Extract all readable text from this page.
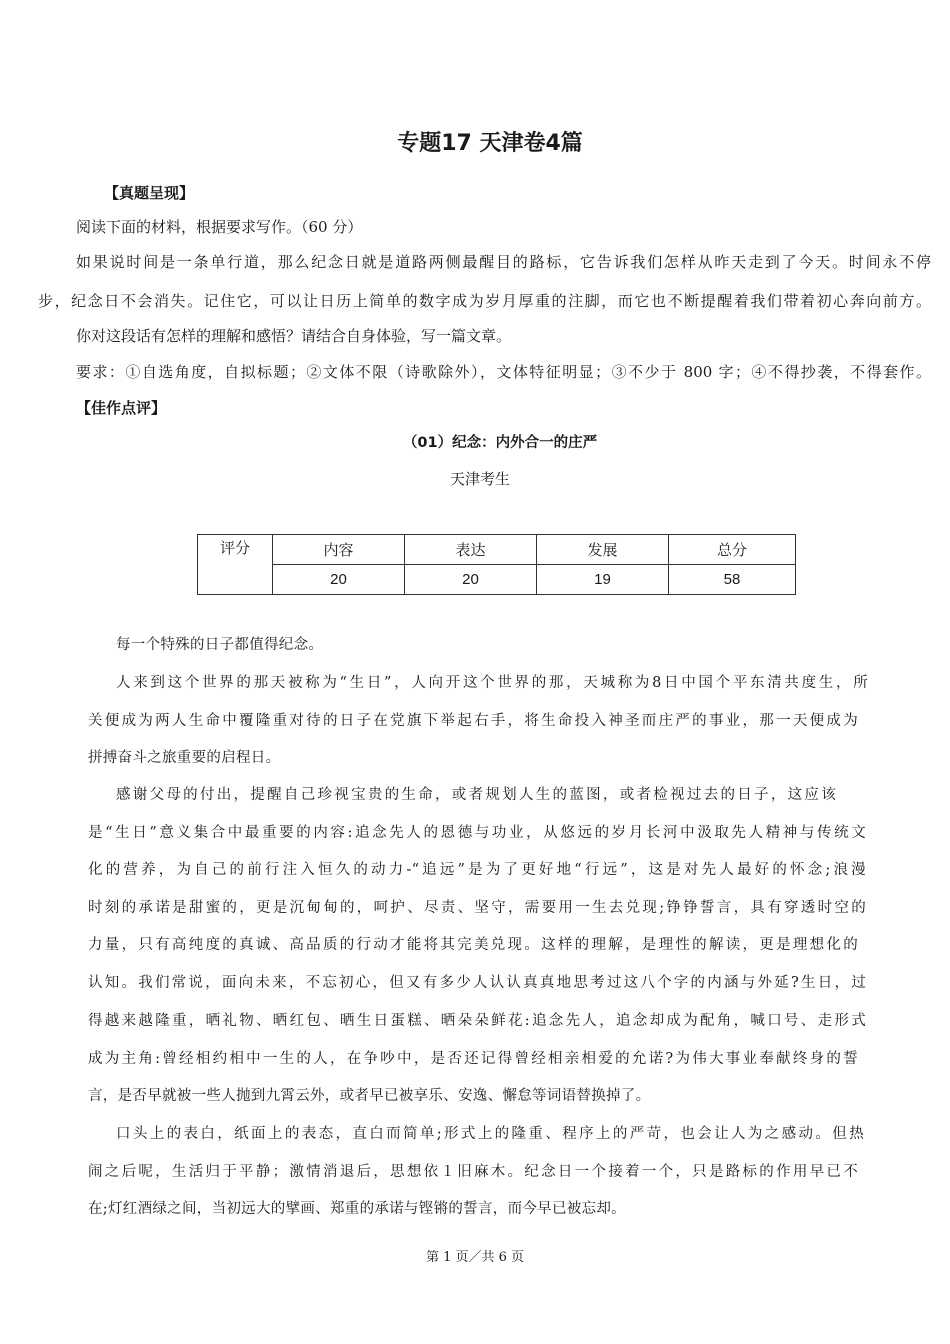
专题17 天津卷4篇
【真题呈现】
阅读下面的材料，根据要求写作。（60 分）
如果说时间是一条单行道，那么纪念日就是道路两侧最醒目的路标，它告诉我们怎样从昨天走到了今天。时间永不停
步，纪念日不会消失。记住它，可以让日历上简单的数字成为岁月厚重的注脚，而它也不断提醒着我们带着初心奔向前方。
你对这段话有怎样的理解和感悟？请结合自身体验，写一篇文章。
要求：①自选角度，自拟标题；②文体不限（诗歌除外），文体特征明显；③不少于 800 字；④不得抄袭，不得套作。
【佳作点评】
（01）纪念：内外合一的庄严
天津考生
评分	内容	表达	发展	总分
	20	20	19	58
每一个特殊的日子都值得纪念。
人来到这个世界的那天被称为“生日”，人向开这个世界的那，天城称为8日中国个平东清共度生，所
关便成为两人生命中覆隆重对待的日子在党旗下举起右手，将生命投入神圣而庄严的事业，那一天便成为
拼搏奋斗之旅重要的启程日。
感谢父母的付出，提醒自己珍视宝贵的生命，或者规划人生的蓝图，或者检视过去的日子，这应该
是“生日”意义集合中最重要的内容:追念先人的恩德与功业，从悠远的岁月长河中汲取先人精神与传统文
化的营养，为自己的前行注入恒久的动力-“追远”是为了更好地“行远”，这是对先人最好的怀念;浪漫
时刻的承诺是甜蜜的，更是沉甸甸的，呵护、尽责、坚守，需要用一生去兑现;铮铮誓言，具有穿透时空的
力量，只有高纯度的真诚、高品质的行动才能将其完美兑现。这样的理解，是理性的解读，更是理想化的
认知。我们常说，面向未来，不忘初心，但又有多少人认认真真地思考过这八个字的内涵与外延?生日，过
得越来越隆重，晒礼物、晒红包、晒生日蛋糕、晒朵朵鲜花:追念先人，追念却成为配角，喊口号、走形式
成为主角:曾经相约相中一生的人，在争吵中，是否还记得曾经相亲相爱的允诺?为伟大事业奉献终身的誓
言，是否早就被一些人抛到九霄云外，或者早已被享乐、安逸、懈怠等词语替换掉了。
口头上的表白，纸面上的表态，直白而简单;形式上的隆重、程序上的严苛，也会让人为之感动。但热
闹之后呢，生活归于平静；激情消退后，思想依１旧麻木。纪念日一个接着一个，只是路标的作用早已不
在;灯红酒绿之间，当初远大的擘画、郑重的承诺与铿锵的誓言，而今早已被忘却。
第 1 页／共 6 页
